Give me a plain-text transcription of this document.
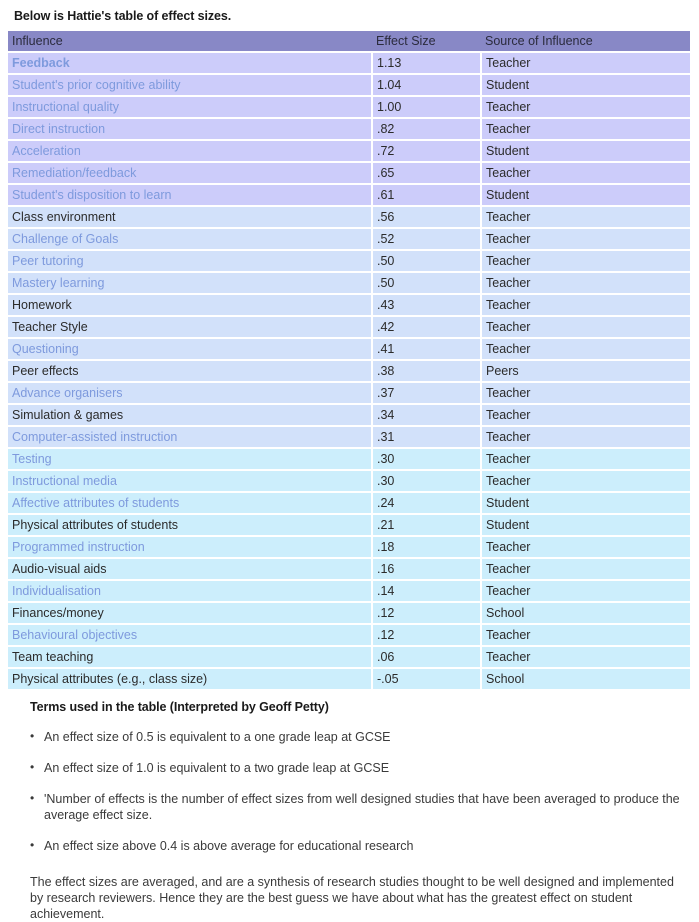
Below is Hattie's table of effect sizes.
Influence	Effect Size	Source of Influence
Feedback	1.13	Teacher
Student's prior cognitive ability	1.04	Student
Instructional quality	1.00	Teacher
Direct instruction	.82	Teacher
Acceleration	.72	Student
Remediation/feedback	.65	Teacher
Student's disposition to learn	.61	Student
Class environment	.56	Teacher
Challenge of Goals	.52	Teacher
Peer tutoring	.50	Teacher
Mastery learning	.50	Teacher
Homework	.43	Teacher
Teacher Style	.42	Teacher
Questioning	.41	Teacher
Peer effects	.38	Peers
Advance organisers	.37	Teacher
Simulation & games	.34	Teacher
Computer-assisted instruction	.31	Teacher
Testing	.30	Teacher
Instructional media	.30	Teacher
Affective attributes of students	.24	Student
Physical attributes of students	.21	Student
Programmed instruction	.18	Teacher
Audio-visual aids	.16	Teacher
Individualisation	.14	Teacher
Finances/money	.12	School
Behavioural objectives	.12	Teacher
Team teaching	.06	Teacher
Physical attributes (e.g., class size)	-.05	School
Terms used in the table (Interpreted by Geoff Petty)
• An effect size of 0.5 is equivalent to a one grade leap at GCSE
• An effect size of 1.0 is equivalent to a two grade leap at GCSE
• 'Number of effects is the number of effect sizes from well designed studies that have been averaged to produce the average effect size.
• An effect size above 0.4 is above average for educational research

The effect sizes are averaged, and are a synthesis of research studies thought to be well designed and implemented by research reviewers. Hence they are the best guess we have about what has the greatest effect on student achievement.
